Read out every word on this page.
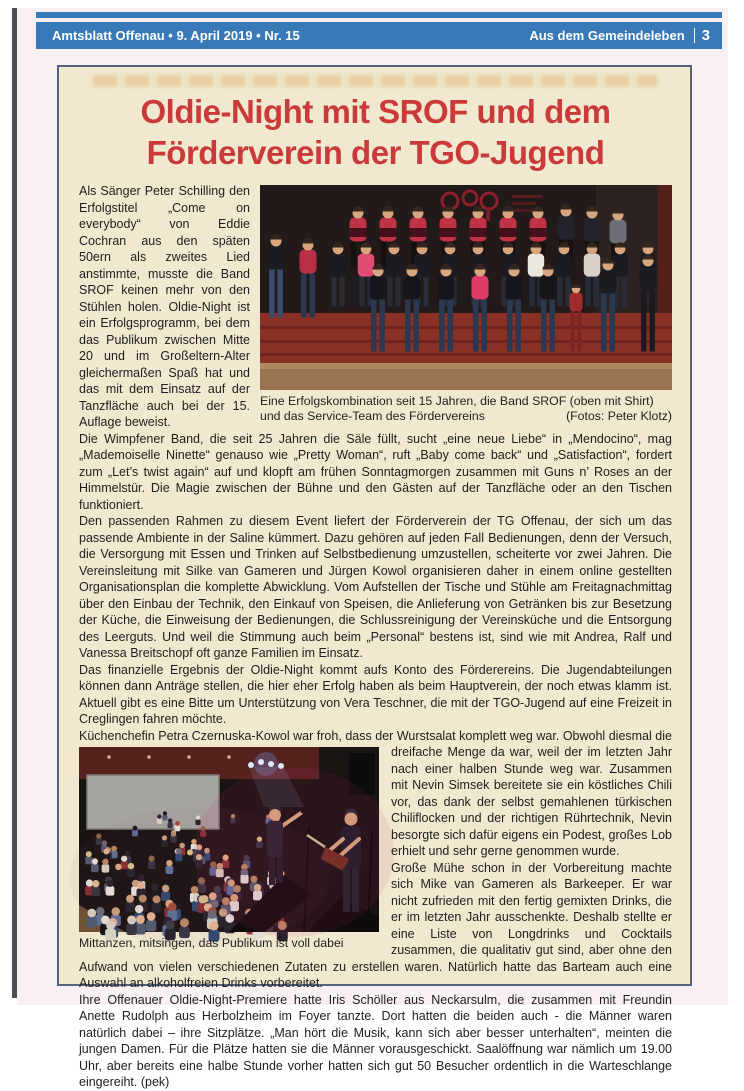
Amtsblatt Offenau • 9. April 2019 • Nr. 15	Aus dem Gemeindeleben	3
Oldie-Night mit SROF und dem
Förderverein der TGO-Jugend
Eine Erfolgskombination seit 15 Jahren, die Band SROF (oben mit Shirt) und das Service-Team des Fördervereins	(Fotos: Peter Klotz)

Als Sänger Peter Schilling den Erfolgstitel „Come on everybody“ von Eddie Cochran aus den späten 50ern als zweites Lied anstimmte, musste die Band SROF keinen mehr von den Stühlen holen. Oldie-Night ist ein Erfolgsprogramm, bei dem das Publikum zwischen Mitte 20 und im Großeltern-Alter gleichermaßen Spaß hat und das mit dem Einsatz auf der Tanzfläche auch bei der 15. Auflage beweist.

Die Wimpfener Band, die seit 25 Jahren die Säle füllt, sucht „eine neue Liebe“ in „Mendocino“, mag „Mademoiselle Ninette“ genauso wie „Pretty Woman“, ruft „Baby come back“ und „Satisfaction“, fordert zum „Let’s twist again“ auf und klopft am frühen Sonntagmorgen zusammen mit Guns n’ Roses an der Himmelstür. Die Magie zwischen der Bühne und den Gästen auf der Tanzfläche oder an den Tischen funktioniert.

Den passenden Rahmen zu diesem Event liefert der Förderverein der TG Offenau, der sich um das passende Ambiente in der Saline kümmert. Dazu gehören auf jeden Fall Bedienungen, denn der Versuch, die Versorgung mit Essen und Trinken auf Selbstbedienung umzustellen, scheiterte vor zwei Jahren. Die Vereinsleitung mit Silke van Gameren und Jürgen Kowol organisieren daher in einem online gestellten Organisationsplan die komplette Abwicklung. Vom Aufstellen der Tische und Stühle am Freitagnachmittag über den Einbau der Technik, den Einkauf von Speisen, die Anlieferung von Getränken bis zur Besetzung der Küche, die Einweisung der Bedienungen, die Schlussreinigung der Vereinsküche und die Entsorgung des Leerguts. Und weil die Stimmung auch beim „Personal“ bestens ist, sind wie mit Andrea, Ralf und Vanessa Breitschopf oft ganze Familien im Einsatz.

Das finanzielle Ergebnis der Oldie-Night kommt aufs Konto des Förderereins. Die Jugendabteilungen können dann Anträge stellen, die hier eher Erfolg haben als beim Hauptverein, der noch etwas klamm ist. Aktuell gibt es eine Bitte um Unterstützung von Vera Teschner, die mit der TGO-Jugend auf eine Freizeit in Creglingen fahren möchte.

Küchenchefin Petra Czernuska-Kowol war froh, dass der Wurstsalat komplett weg war.
Mittanzen, mitsingen, das Publikum ist voll dabei
Obwohl diesmal die dreifache Menge da war, weil der im letzten Jahr nach einer halben Stunde weg war. Zusammen mit Nevin Simsek bereitete sie ein köstliches Chili vor, das dank der selbst gemahlenen türkischen Chiliflocken und der richtigen Rührtechnik, Nevin besorgte sich dafür eigens ein Podest, großes Lob erhielt und sehr gerne genommen wurde.

Große Mühe schon in der Vorbereitung machte sich Mike van Gameren als Barkeeper. Er war nicht zufrieden mit den fertig gemixten Drinks, die er im letzten Jahr ausschenkte. Deshalb stellte er eine Liste von Longdrinks und Cocktails zusammen, die qualitativ gut sind, aber ohne den Aufwand von vielen verschiedenen Zutaten zu erstellen waren. Natürlich hatte das Barteam auch eine Auswahl an alkoholfreien Drinks vorbereitet.

Ihre Offenauer Oldie-Night-Premiere hatte Iris Schöller aus Neckarsulm, die zusammen mit Freundin Anette Rudolph aus Herbolzheim im Foyer tanzte. Dort hatten die beiden auch - die Männer waren natürlich dabei – ihre Sitzplätze. „Man hört die Musik, kann sich aber besser unterhalten“, meinten die jungen Damen. Für die Plätze hatten sie die Männer vorausgeschickt. Saalöffnung war nämlich um 19.00 Uhr, aber bereits eine halbe Stunde vorher hatten sich gut 50 Besucher ordentlich in die Warteschlange eingereiht. (pek)
